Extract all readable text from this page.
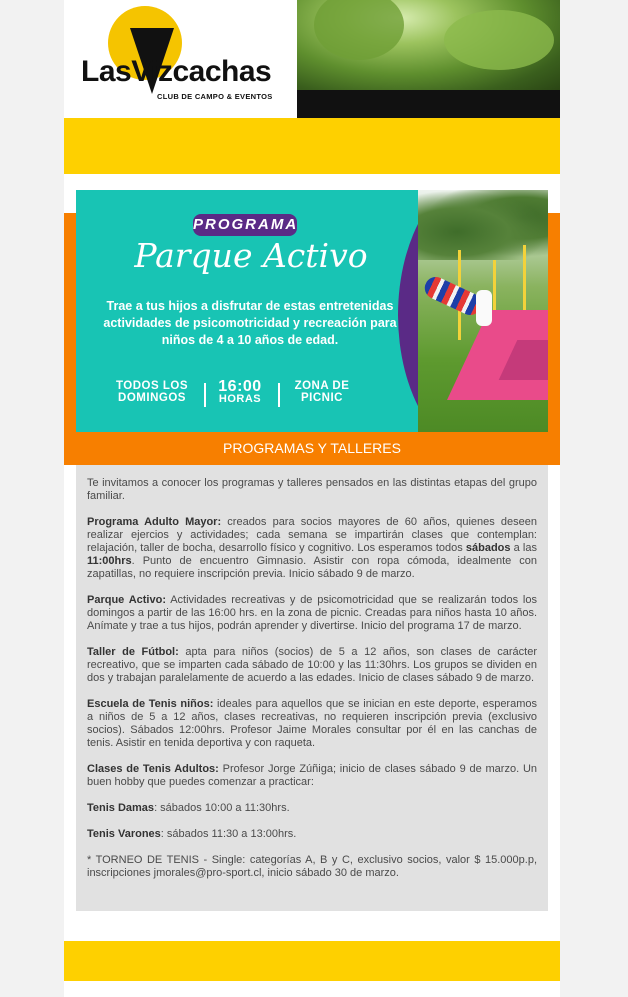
LasVizcachas
CLUB DE CAMPO & EVENTOS
PROGRAMA
Parque Activo
Trae a tus hijos a disfrutar de estas entretenidas actividades de psicomotricidad y recreación para niños de 4 a 10 años de edad.
TODOS LOS
DOMINGOS
16:00
HORAS
ZONA DE
PICNIC
PROGRAMAS Y TALLERES

Te invitamos a conocer los programas y talleres pensados en las distintas etapas del grupo familiar.

Programa Adulto Mayor: creados para socios mayores de 60 años, quienes deseen realizar ejercios y actividades; cada semana se impartirán clases que contemplan: relajación, taller de bocha, desarrollo físico y cognitivo. Los esperamos todos sábados a las 11:00hrs. Punto de encuentro Gimnasio. Asistir con ropa cómoda, idealmente con zapatillas, no requiere inscripción previa. Inicio sábado 9 de marzo.

Parque Activo: Actividades recreativas y de psicomotricidad que se realizarán todos los domingos a partir de las 16:00 hrs. en la zona de picnic. Creadas para niños hasta 10 años. Anímate y trae a tus hijos, podrán aprender y divertirse. Inicio del programa 17 de marzo.

Taller de Fútbol: apta para niños (socios) de 5 a 12 años, son clases de carácter recreativo, que se imparten cada sábado de 10:00 y las 11:30hrs. Los grupos se dividen en dos y trabajan paralelamente de acuerdo a las edades. Inicio de clases sábado 9 de marzo.

Escuela de Tenis niños: ideales para aquellos que se inician en este deporte, esperamos a niños de 5 a 12 años, clases recreativas, no requieren inscripción previa (exclusivo socios). Sábados 12:00hrs. Profesor Jaime Morales consultar por él en las canchas de tenis. Asistir en tenida deportiva y con raqueta.

Clases de Tenis Adultos: Profesor Jorge Zúñiga; inicio de clases sábado 9 de marzo. Un buen hobby que puedes comenzar a practicar:

Tenis Damas: sábados 10:00 a 11:30hrs.

Tenis Varones: sábados 11:30 a 13:00hrs.

* TORNEO DE TENIS - Single: categorías A, B y C, exclusivo socios, valor $ 15.000p.p, inscripciones jmorales@pro-sport.cl, inicio sábado 30 de marzo.
